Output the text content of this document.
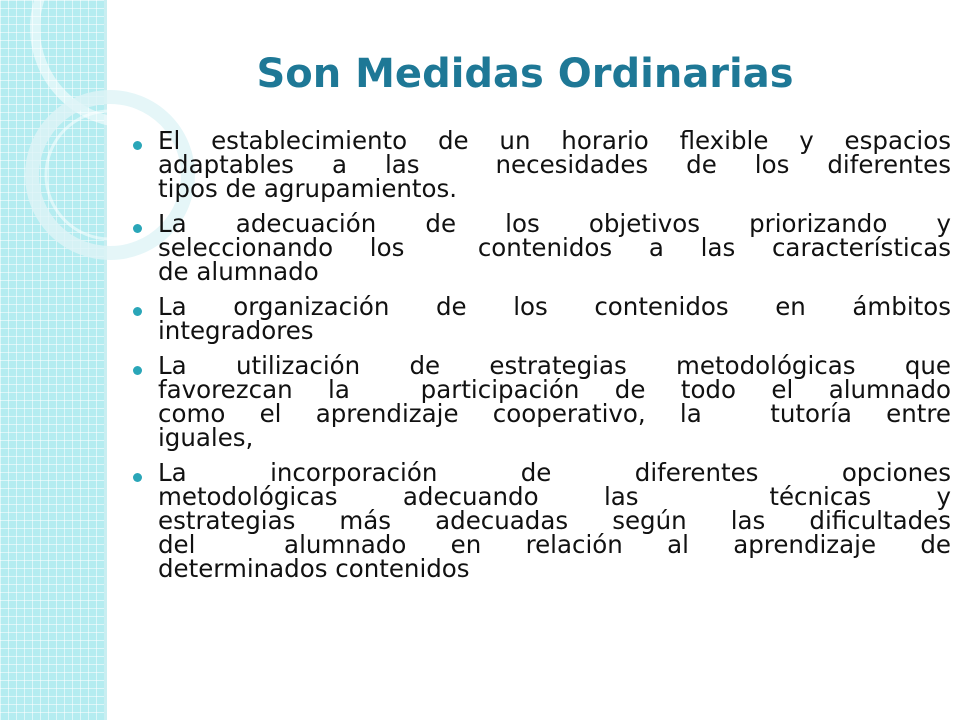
Son Medidas Ordinarias
El establecimiento de un horario flexible y espacios
adaptables a las  necesidades de los diferentes
tipos de agrupamientos.
La adecuación de los objetivos priorizando y
seleccionando los  contenidos a las características
de alumnado
La organización de los contenidos en ámbitos
integradores
La utilización de estrategias metodológicas que
favorezcan la  participación de todo el alumnado
como el aprendizaje cooperativo, la  tutoría entre
iguales,
La incorporación de diferentes opciones
metodológicas adecuando las  técnicas y
estrategias más adecuadas según las dificultades
del  alumnado en relación al aprendizaje de
determinados contenidos
